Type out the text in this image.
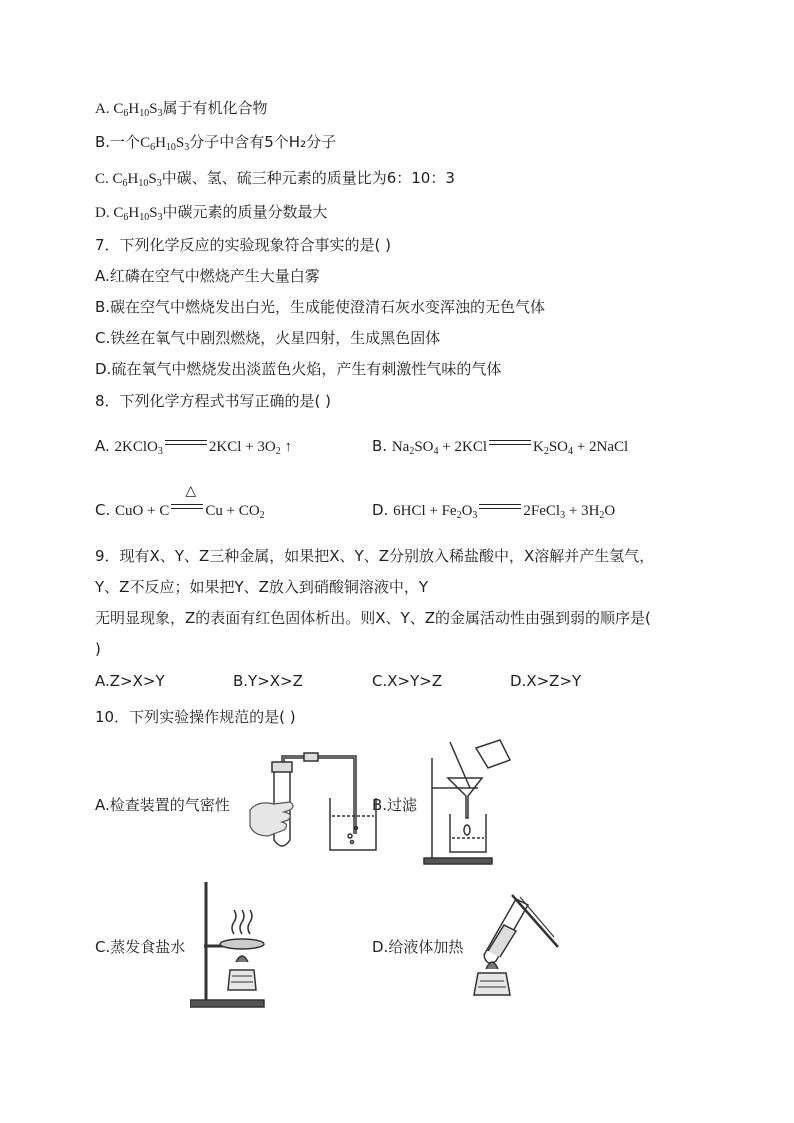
A. $C_6H_{10}S_3$属于有机化合物
B.一个$C_6H_{10}S_3$分子中含有5个H₂分子
C. $C_6H_{10}S_3$中碳、氢、硫三种元素的质量比为6：10：3
D. $C_6H_{10}S_3$中碳元素的质量分数最大
7．下列化学反应的实验现象符合事实的是( )
A.红磷在空气中燃烧产生大量白雾
B.碳在空气中燃烧发出白光，生成能使澄清石灰水变浑浊的无色气体
C.铁丝在氧气中剧烈燃烧，火星四射，生成黑色固体
D.硫在氧气中燃烧发出淡蓝色火焰，产生有刺激性气味的气体
8．下列化学方程式书写正确的是( )
A. 2KClO$_3$	$2KCl + 3O_2$ ↑	B. $Na_2SO_4 + 2KCl$	$K_2SO_4$ + 2NaCl
C. CuO + C
△
$Cu + CO_2$	D. $6HCl + Fe_2O_3$	2FeCl$_3$ + $3H_2O$
9．现有X、Y、Z三种金属，如果把X、Y、Z分别放入稀盐酸中，X溶解并产生氢气，
Y、Z不反应；如果把Y、Z放入到硝酸铜溶液中，Y
无明显现象，Z的表面有红色固体析出。则X、Y、Z的金属活动性由强到弱的顺序是(
)
A.Z>X>Y	B.Y>X>Z	C.X>Y>Z	D.X>Z>Y
10．下列实验操作规范的是( )
A.检查装置的气密性	B.过滤
C.蒸发食盐水	D.给液体加热
